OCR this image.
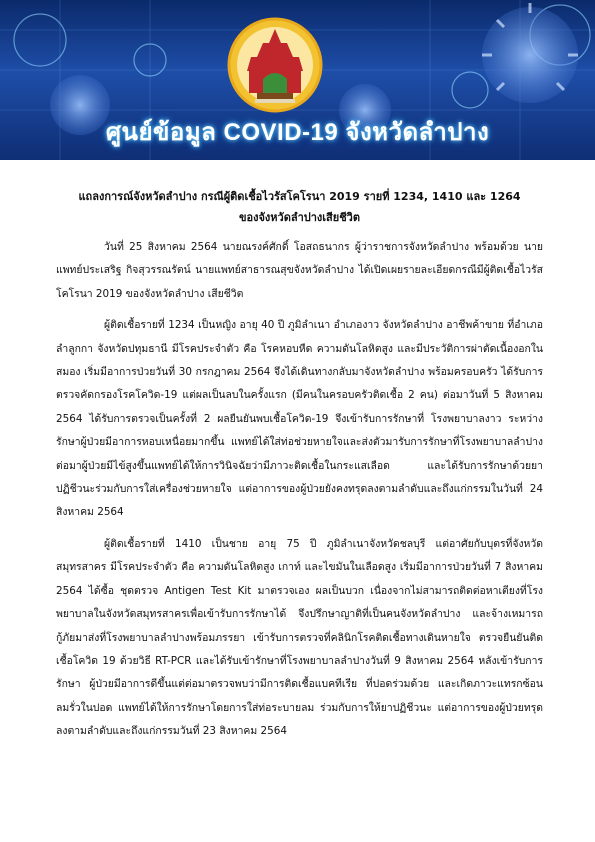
ศูนย์ข้อมูล COVID-19 จังหวัดลำปาง
แถลงการณ์จังหวัดลำปาง กรณีผู้ติดเชื้อไวรัสโคโรนา 2019 รายที่ 1234, 1410 และ 1264
ของจังหวัดลำปางเสียชีวิต

วันที่ 25 สิงหาคม 2564 นายณรงค์ศักดิ์ โอสถธนากร ผู้ว่าราชการจังหวัดลำปาง พร้อมด้วย นายแพทย์ประเสริฐ กิจสุวรรณรัตน์ นายแพทย์สาธารณสุขจังหวัดลำปาง ได้เปิดเผยรายละเอียดกรณีมีผู้ติดเชื้อไวรัสโคโรนา 2019 ของจังหวัดลำปาง เสียชีวิต

ผู้ติดเชื้อรายที่ 1234 เป็นหญิง อายุ 40 ปี ภูมิลำเนา อำเภองาว จังหวัดลำปาง อาชีพค้าขาย ที่อำเภอลำลูกกา จังหวัดปทุมธานี มีโรคประจำตัว คือ โรคหอบหืด ความดันโลหิตสูง และมีประวัติการผ่าตัดเนื้องอกในสมอง เริ่มมีอาการป่วยวันที่ 30 กรกฎาคม 2564 จึงได้เดินทางกลับมาจังหวัดลำปาง พร้อมครอบครัว ได้รับการตรวจคัดกรองโรคโควิด-19 แต่ผลเป็นลบในครั้งแรก (มีคนในครอบครัวติดเชื้อ 2 คน) ต่อมาวันที่ 5 สิงหาคม 2564 ได้รับการตรวจเป็นครั้งที่ 2 ผลยืนยันพบเชื้อโควิด-19 จึงเข้ารับการรักษาที่ โรงพยาบาลงาว ระหว่างรักษาผู้ป่วยมีอาการหอบเหนื่อยมากขึ้น แพทย์ได้ใส่ท่อช่วยหายใจและส่งตัวมารับการรักษาที่โรงพยาบาลลำปาง ต่อมาผู้ป่วยมีไข้สูงขึ้นแพทย์ได้ให้การวินิจฉัยว่ามีภาวะติดเชื้อในกระแสเลือด และได้รับการรักษาด้วยยาปฏิชีวนะร่วมกับการใส่เครื่องช่วยหายใจ แต่อาการของผู้ป่วยยังคงทรุดลงตามลำดับและถึงแก่กรรมในวันที่ 24 สิงหาคม 2564

ผู้ติดเชื้อรายที่ 1410 เป็นชาย อายุ 75 ปี ภูมิลำเนาจังหวัดชลบุรี แต่อาศัยกับบุตรที่จังหวัดสมุทรสาคร มีโรคประจำตัว คือ ความดันโลหิตสูง เกาท์ และไขมันในเลือดสูง เริ่มมีอาการป่วยวันที่ 7 สิงหาคม 2564 ได้ซื้อ ชุดตรวจ Antigen Test Kit มาตรวจเอง ผลเป็นบวก เนื่องจากไม่สามารถติดต่อหาเตียงที่โรงพยาบาลในจังหวัดสมุทรสาครเพื่อเข้ารับการรักษาได้ จึงปรึกษาญาติที่เป็นคนจังหวัดลำปาง และจ้างเหมารถกู้ภัยมาส่งที่โรงพยาบาลลำปางพร้อมภรรยา เข้ารับการตรวจที่คลินิกโรคติดเชื้อทางเดินหายใจ ตรวจยืนยันติดเชื้อโควิด 19 ด้วยวิธี RT-PCR และได้รับเข้ารักษาที่โรงพยาบาลลำปางวันที่ 9 สิงหาคม 2564 หลังเข้ารับการรักษา ผู้ป่วยมีอาการดีขึ้นแต่ต่อมาตรวจพบว่ามีการติดเชื้อแบคทีเรีย ที่ปอดร่วมด้วย และเกิดภาวะแทรกซ้อน ลมรั่วในปอด แพทย์ได้ให้การรักษาโดยการใส่ท่อระบายลม ร่วมกับการให้ยาปฏิชีวนะ แต่อาการของผู้ป่วยทรุดลงตามลำดับและถึงแก่กรรมวันที่ 23 สิงหาคม 2564
